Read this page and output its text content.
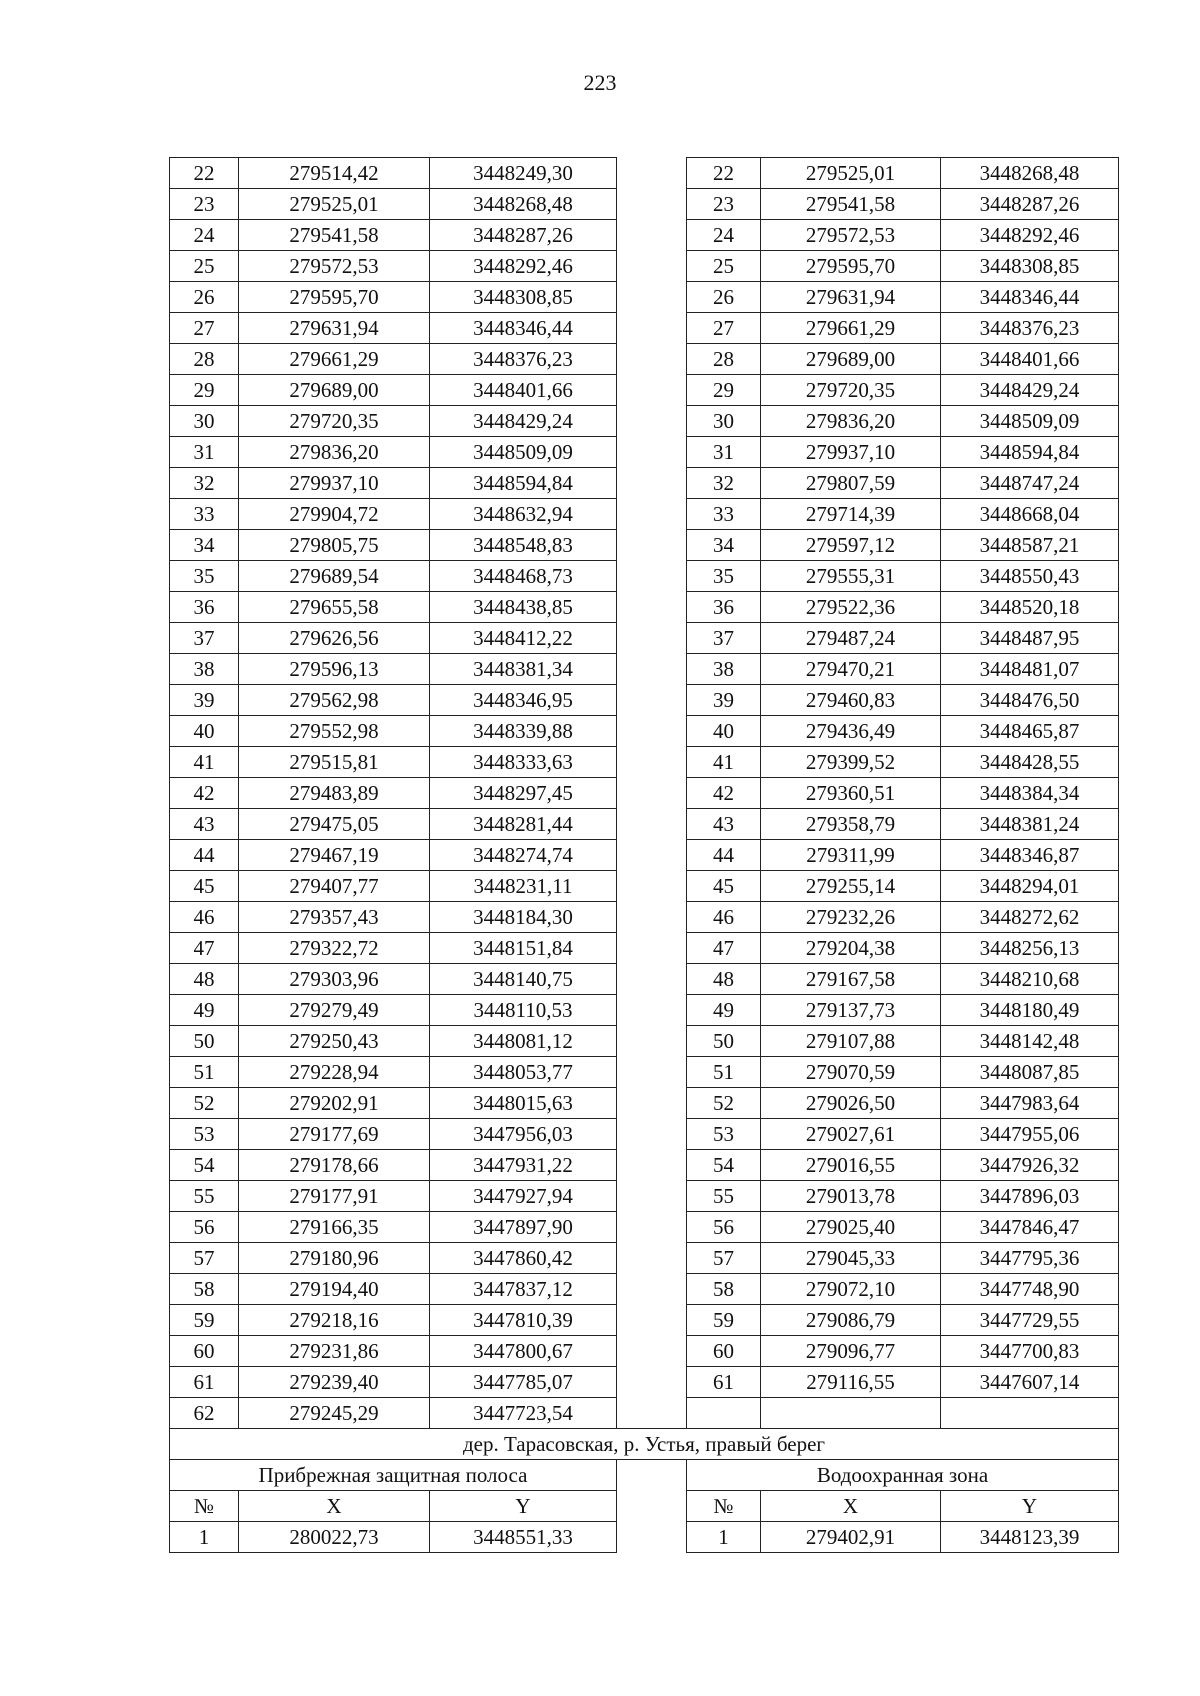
223
22	279514,42	3448249,30		22	279525,01	3448268,48
23	279525,01	3448268,48		23	279541,58	3448287,26
24	279541,58	3448287,26		24	279572,53	3448292,46
25	279572,53	3448292,46		25	279595,70	3448308,85
26	279595,70	3448308,85		26	279631,94	3448346,44
27	279631,94	3448346,44		27	279661,29	3448376,23
28	279661,29	3448376,23		28	279689,00	3448401,66
29	279689,00	3448401,66		29	279720,35	3448429,24
30	279720,35	3448429,24		30	279836,20	3448509,09
31	279836,20	3448509,09		31	279937,10	3448594,84
32	279937,10	3448594,84		32	279807,59	3448747,24
33	279904,72	3448632,94		33	279714,39	3448668,04
34	279805,75	3448548,83		34	279597,12	3448587,21
35	279689,54	3448468,73		35	279555,31	3448550,43
36	279655,58	3448438,85		36	279522,36	3448520,18
37	279626,56	3448412,22		37	279487,24	3448487,95
38	279596,13	3448381,34		38	279470,21	3448481,07
39	279562,98	3448346,95		39	279460,83	3448476,50
40	279552,98	3448339,88		40	279436,49	3448465,87
41	279515,81	3448333,63		41	279399,52	3448428,55
42	279483,89	3448297,45		42	279360,51	3448384,34
43	279475,05	3448281,44		43	279358,79	3448381,24
44	279467,19	3448274,74		44	279311,99	3448346,87
45	279407,77	3448231,11		45	279255,14	3448294,01
46	279357,43	3448184,30		46	279232,26	3448272,62
47	279322,72	3448151,84		47	279204,38	3448256,13
48	279303,96	3448140,75		48	279167,58	3448210,68
49	279279,49	3448110,53		49	279137,73	3448180,49
50	279250,43	3448081,12		50	279107,88	3448142,48
51	279228,94	3448053,77		51	279070,59	3448087,85
52	279202,91	3448015,63		52	279026,50	3447983,64
53	279177,69	3447956,03		53	279027,61	3447955,06
54	279178,66	3447931,22		54	279016,55	3447926,32
55	279177,91	3447927,94		55	279013,78	3447896,03
56	279166,35	3447897,90		56	279025,40	3447846,47
57	279180,96	3447860,42		57	279045,33	3447795,36
58	279194,40	3447837,12		58	279072,10	3447748,90
59	279218,16	3447810,39		59	279086,79	3447729,55
60	279231,86	3447800,67		60	279096,77	3447700,83
61	279239,40	3447785,07		61	279116,55	3447607,14
62	279245,29	3447723,54				
дер. Тарасовская, р. Устья, правый берег						
Прибрежная защитная полоса				Водоохранная зона		
№	X	Y		№	X	Y
1	280022,73	3448551,33		1	279402,91	3448123,39
